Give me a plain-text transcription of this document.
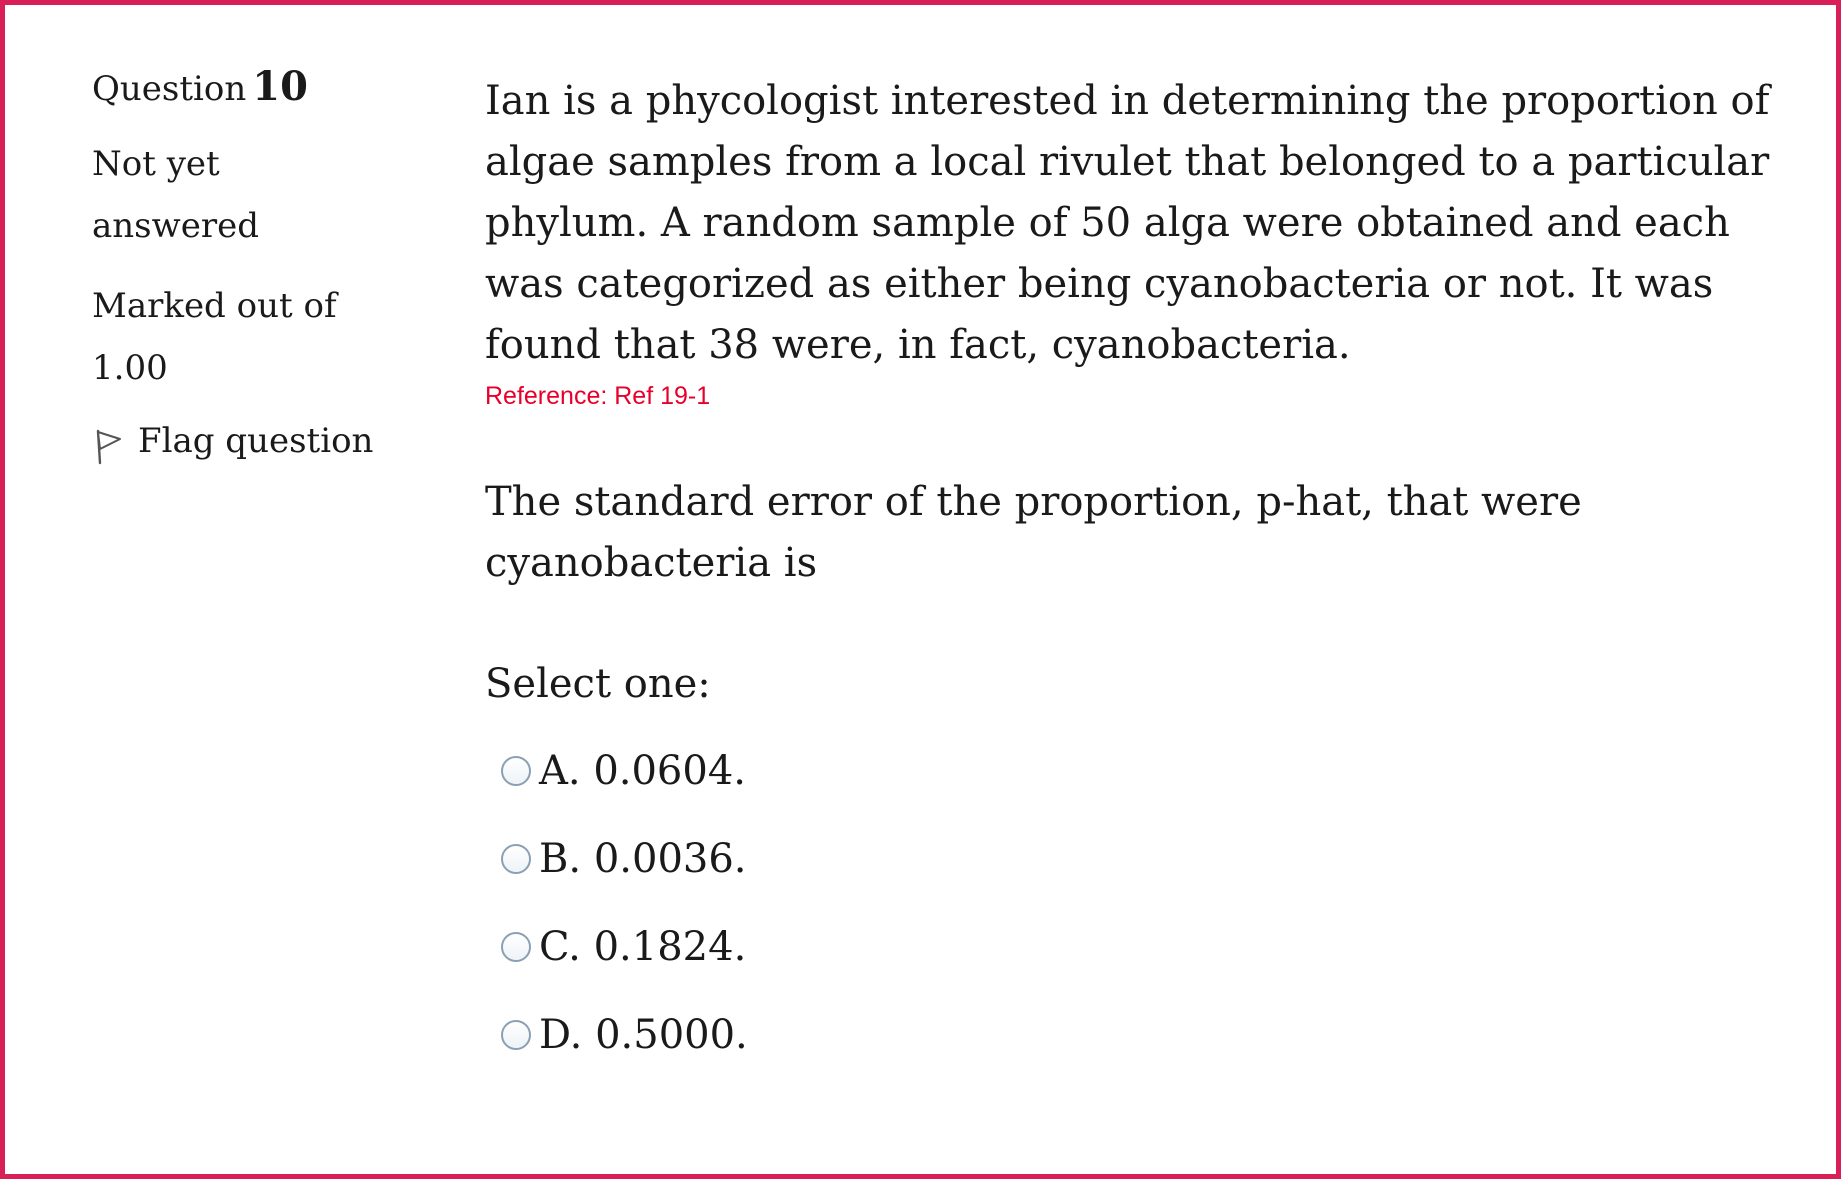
Question 10
Not yet
answered
Marked out of
1.00
Flag question

Ian is a phycologist interested in determining the proportion of algae samples from a local rivulet that belonged to a particular phylum. A random sample of 50 alga were obtained and each was categorized as either being cyanobacteria or not. It was found that 38 were, in fact, cyanobacteria.

Reference: Ref 19-1

The standard error of the proportion, p-hat, that were cyanobacteria is

Select one:

A. 0.0604.
B. 0.0036.
C. 0.1824.
D. 0.5000.
